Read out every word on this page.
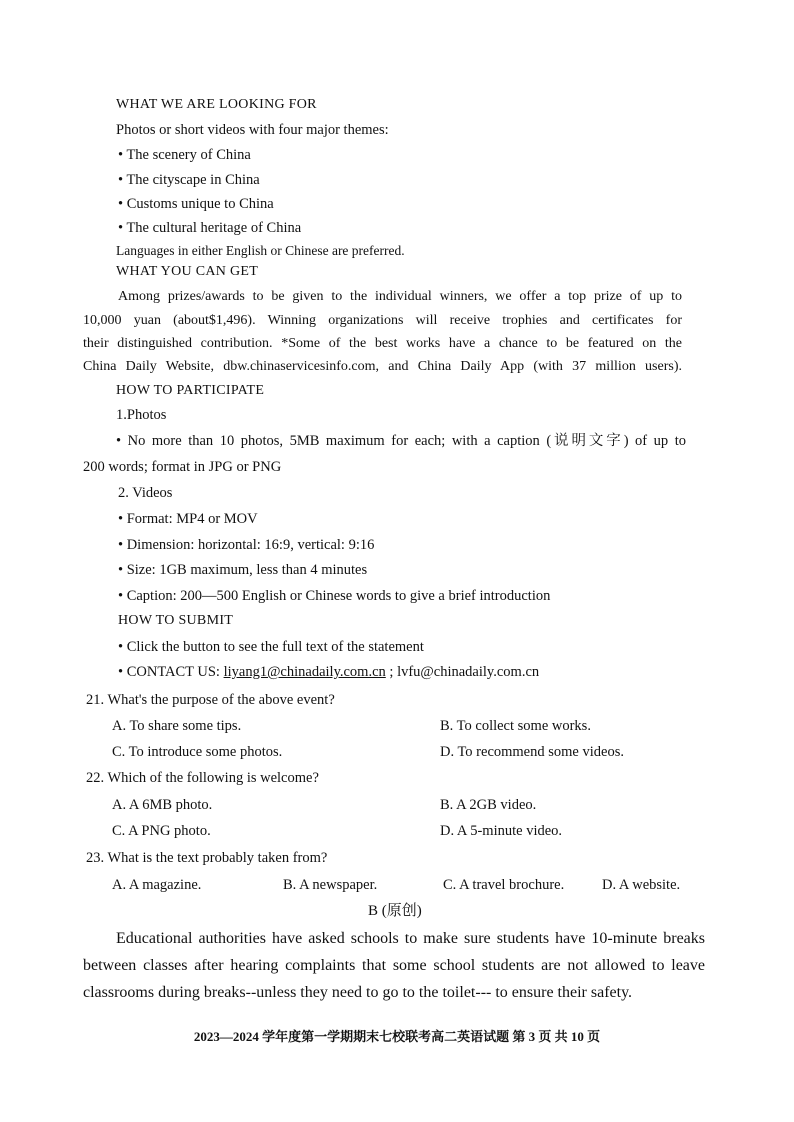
WHAT WE ARE LOOKING FOR
Photos or short videos with four major themes:
• The scenery of China
• The cityscape in China
• Customs unique to China
• The cultural heritage of China
Languages in either English or Chinese are preferred.
WHAT YOU CAN GET
Among prizes/awards to be given to the individual winners, we offer a top prize of up to
10,000 yuan (about$1,496). Winning organizations will receive trophies and certificates for
their distinguished contribution. *Some of the best works have a chance to be featured on the
China Daily Website, dbw.chinaservicesinfo.com, and China Daily App (with 37 million users).
HOW TO PARTICIPATE
1.Photos
• No more than 10 photos, 5MB maximum for each; with a caption (说明文字) of up to
200 words; format in JPG or PNG
2. Videos
• Format: MP4 or MOV
• Dimension: horizontal: 16:9, vertical: 9:16
• Size: 1GB maximum, less than 4 minutes
• Caption: 200—500 English or Chinese words to give a brief introduction
HOW TO SUBMIT
• Click the button to see the full text of the statement
• CONTACT US: liyang1@chinadaily.com.cn ; lvfu@chinadaily.com.cn
21. What's the purpose of the above event?
A. To share some tips.	B. To collect some works.
C. To introduce some photos.	D. To recommend some videos.
22. Which of the following is welcome?
A. A 6MB photo.	B. A 2GB video.
C. A PNG photo.	D. A 5-minute video.
23. What is the text probably taken from?
A. A magazine.	B. A newspaper.	C. A travel brochure.	D. A website.
B (原创)
Educational authorities have asked schools to make sure students have 10-minute breaks
between classes after hearing complaints that some school students are not allowed to leave
classrooms during breaks--unless they need to go to the toilet--- to ensure their safety.
2023—2024 学年度第一学期期末七校联考高二英语试题 第 3 页 共 10 页
